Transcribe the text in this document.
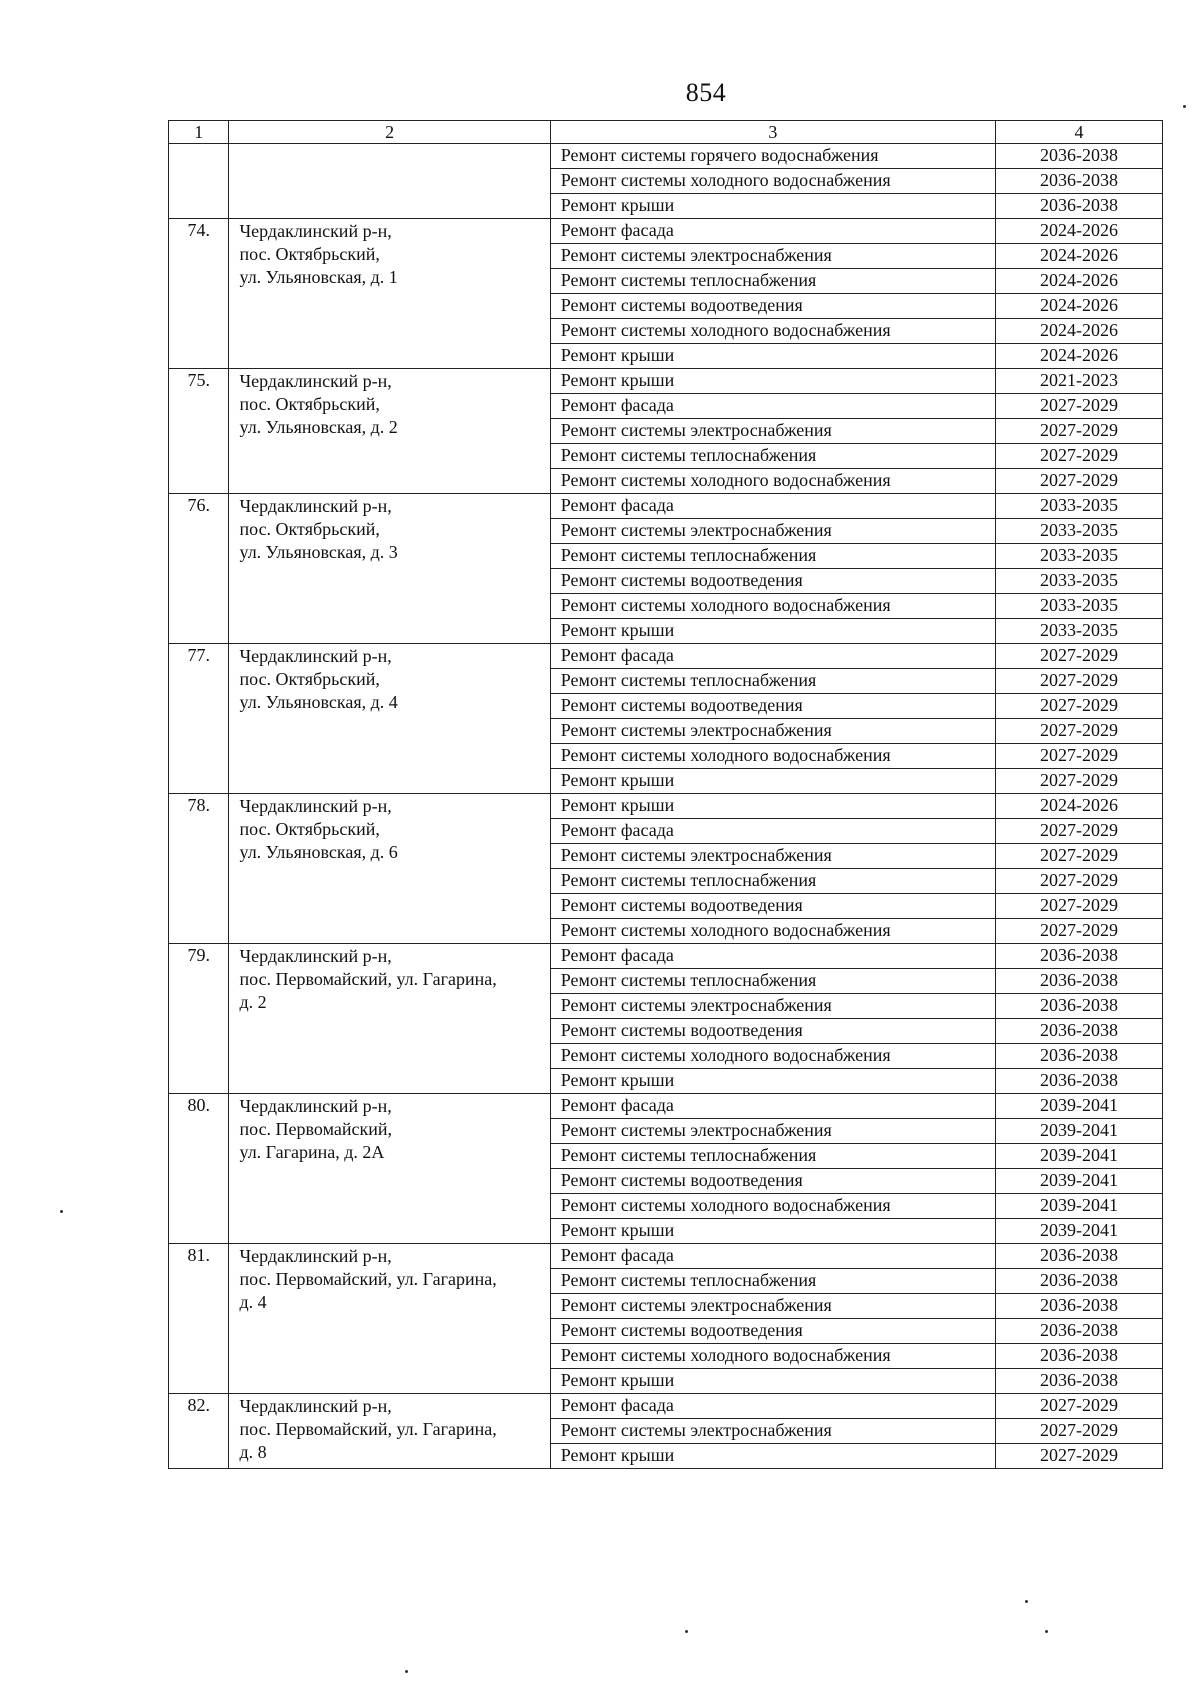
854
1	2	3	4
		Ремонт системы горячего водоснабжения	2036-2038
		Ремонт системы холодного водоснабжения	2036-2038
		Ремонт крыши	2036-2038
74.	Чердаклинский р-н,
пос. Октябрьский,
ул. Ульяновская, д. 1	Ремонт фасада	2024-2026
		Ремонт системы электроснабжения	2024-2026
		Ремонт системы теплоснабжения	2024-2026
		Ремонт системы водоотведения	2024-2026
		Ремонт системы холодного водоснабжения	2024-2026
		Ремонт крыши	2024-2026
75.	Чердаклинский р-н,
пос. Октябрьский,
ул. Ульяновская, д. 2	Ремонт крыши	2021-2023
		Ремонт фасада	2027-2029
		Ремонт системы электроснабжения	2027-2029
		Ремонт системы теплоснабжения	2027-2029
		Ремонт системы холодного водоснабжения	2027-2029
76.	Чердаклинский р-н,
пос. Октябрьский,
ул. Ульяновская, д. 3	Ремонт фасада	2033-2035
		Ремонт системы электроснабжения	2033-2035
		Ремонт системы теплоснабжения	2033-2035
		Ремонт системы водоотведения	2033-2035
		Ремонт системы холодного водоснабжения	2033-2035
		Ремонт крыши	2033-2035
77.	Чердаклинский р-н,
пос. Октябрьский,
ул. Ульяновская, д. 4	Ремонт фасада	2027-2029
		Ремонт системы теплоснабжения	2027-2029
		Ремонт системы водоотведения	2027-2029
		Ремонт системы электроснабжения	2027-2029
		Ремонт системы холодного водоснабжения	2027-2029
		Ремонт крыши	2027-2029
78.	Чердаклинский р-н,
пос. Октябрьский,
ул. Ульяновская, д. 6	Ремонт крыши	2024-2026
		Ремонт фасада	2027-2029
		Ремонт системы электроснабжения	2027-2029
		Ремонт системы теплоснабжения	2027-2029
		Ремонт системы водоотведения	2027-2029
		Ремонт системы холодного водоснабжения	2027-2029
79.	Чердаклинский р-н,
пос. Первомайский, ул. Гагарина,
д. 2	Ремонт фасада	2036-2038
		Ремонт системы теплоснабжения	2036-2038
		Ремонт системы электроснабжения	2036-2038
		Ремонт системы водоотведения	2036-2038
		Ремонт системы холодного водоснабжения	2036-2038
		Ремонт крыши	2036-2038
80.	Чердаклинский р-н,
пос. Первомайский,
ул. Гагарина, д. 2А	Ремонт фасада	2039-2041
		Ремонт системы электроснабжения	2039-2041
		Ремонт системы теплоснабжения	2039-2041
		Ремонт системы водоотведения	2039-2041
		Ремонт системы холодного водоснабжения	2039-2041
		Ремонт крыши	2039-2041
81.	Чердаклинский р-н,
пос. Первомайский, ул. Гагарина,
д. 4	Ремонт фасада	2036-2038
		Ремонт системы теплоснабжения	2036-2038
		Ремонт системы электроснабжения	2036-2038
		Ремонт системы водоотведения	2036-2038
		Ремонт системы холодного водоснабжения	2036-2038
		Ремонт крыши	2036-2038
82.	Чердаклинский р-н,
пос. Первомайский, ул. Гагарина,
д. 8	Ремонт фасада	2027-2029
		Ремонт системы электроснабжения	2027-2029
		Ремонт крыши	2027-2029
